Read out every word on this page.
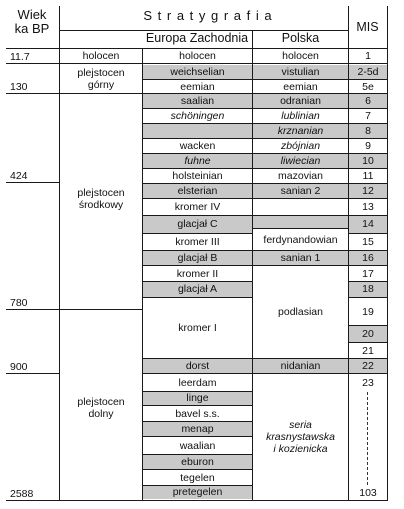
Wiek
ka BP
S t r a t y g r a f i a
Europa Zachodnia	Polska
MIS
11.7
130
424
780
900
2588
holocen
plejstocen
górny
plejstocen
środkowy
plejstocen
dolny
holocen
weichselian
eemian
saalian
schöningen
wacken
fuhne
holsteinian
elsterian
kromer IV
glacjał C
kromer III
glacjał B
kromer II
glacjał A
kromer I
dorst
leerdam
linge
bavel s.s.
menap
waalian
eburon
tegelen
pretegelen
holocen
vistulian
eemian
odranian
lublinian
krznanian
zbójnian
liwiecian
mazovian
sanian 2
ferdynandowian
sanian 1
podlasian
nidanian
seria
krasnystawska
i kozienicka
1
2-5d
5e
6
7
8
9
10
11
12
13
14
15
16
17
18
19
20
21
22
23
103
